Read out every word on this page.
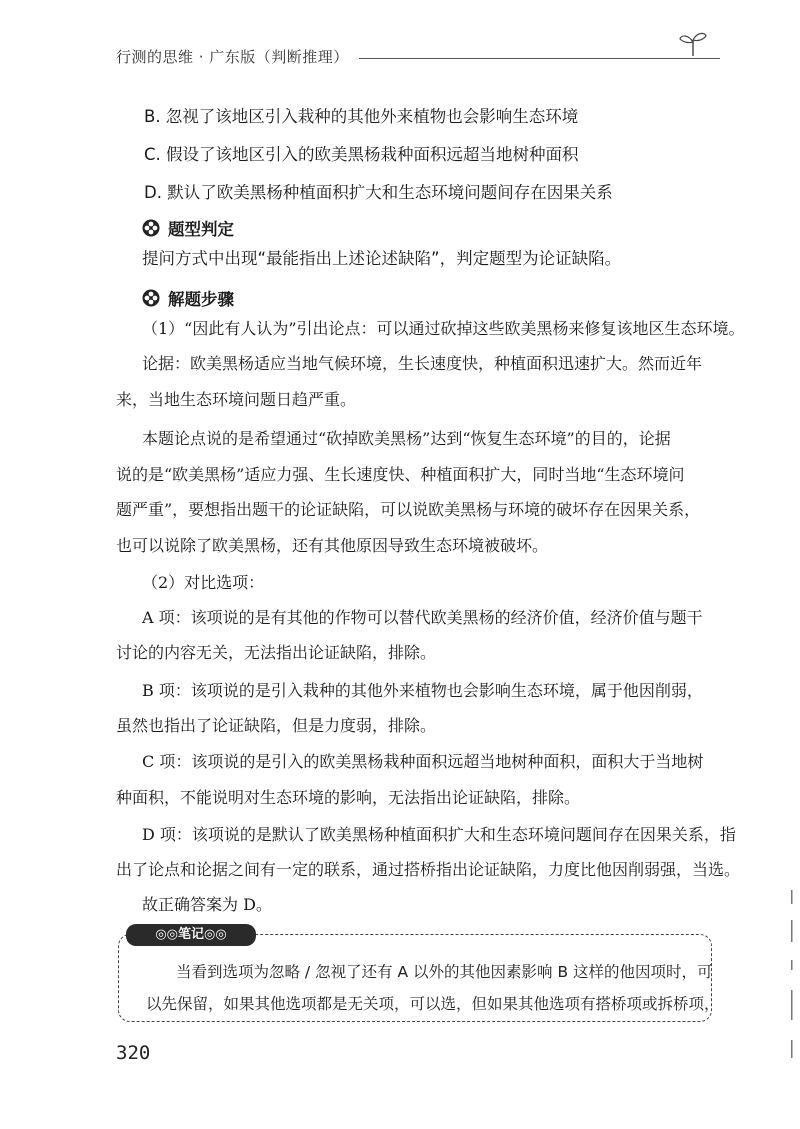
行测的思维 · 广东版（判断推理）
B. 忽视了该地区引入栽种的其他外来植物也会影响生态环境
C. 假设了该地区引入的欧美黑杨栽种面积远超当地树种面积
D. 默认了欧美黑杨种植面积扩大和生态环境问题间存在因果关系
题型判定
提问方式中出现“最能指出上述论述缺陷”，判定题型为论证缺陷。
解题步骤
（1）“因此有人认为”引出论点：可以通过砍掉这些欧美黑杨来修复该地区生态环境。
论据：欧美黑杨适应当地气候环境，生长速度快，种植面积迅速扩大。然而近年
来，当地生态环境问题日趋严重。
本题论点说的是希望通过“砍掉欧美黑杨”达到“恢复生态环境”的目的，论据
说的是“欧美黑杨”适应力强、生长速度快、种植面积扩大，同时当地“生态环境问
题严重”，要想指出题干的论证缺陷，可以说欧美黑杨与环境的破坏存在因果关系，
也可以说除了欧美黑杨，还有其他原因导致生态环境被破坏。
（2）对比选项：
A 项：该项说的是有其他的作物可以替代欧美黑杨的经济价值，经济价值与题干
讨论的内容无关，无法指出论证缺陷，排除。
B 项：该项说的是引入栽种的其他外来植物也会影响生态环境，属于他因削弱，
虽然也指出了论证缺陷，但是力度弱，排除。
C 项：该项说的是引入的欧美黑杨栽种面积远超当地树种面积，面积大于当地树
种面积，不能说明对生态环境的影响，无法指出论证缺陷，排除。
D 项：该项说的是默认了欧美黑杨种植面积扩大和生态环境问题间存在因果关系，指
出了论点和论据之间有一定的联系，通过搭桥指出论证缺陷，力度比他因削弱强，当选。
故正确答案为 D。
◎◎笔记◎◎
当看到选项为忽略 / 忽视了还有 A 以外的其他因素影响 B 这样的他因项时，可
以先保留，如果其他选项都是无关项，可以选，但如果其他选项有搭桥项或拆桥项，
320
